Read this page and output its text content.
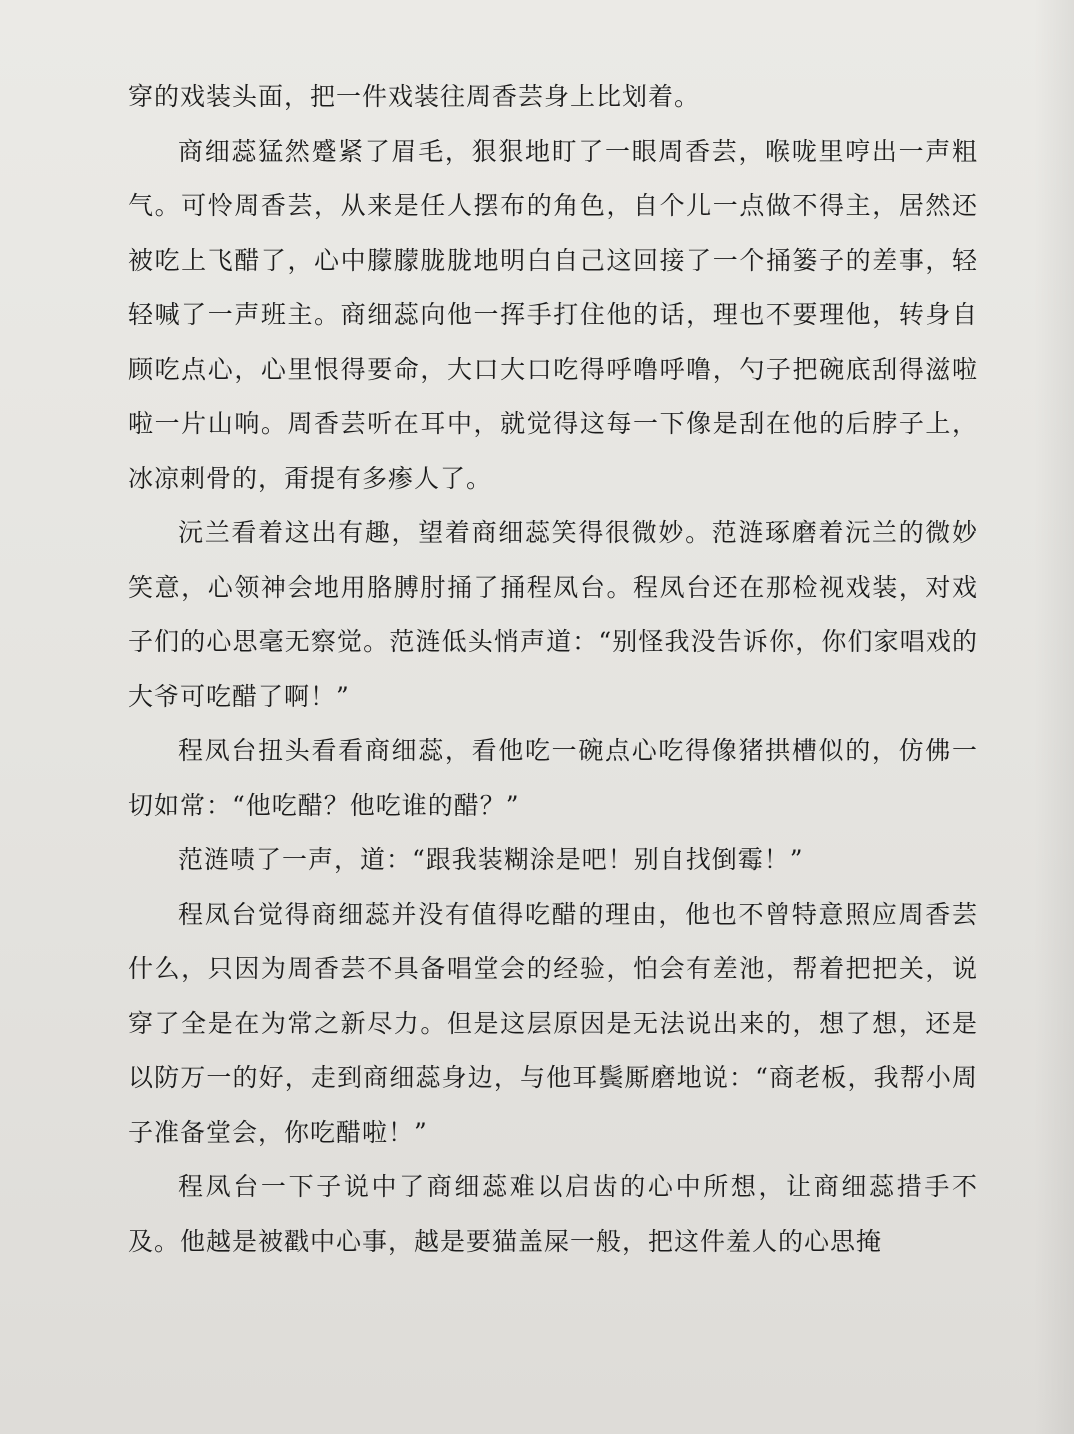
穿的戏装头面，把一件戏装往周香芸身上比划着。

商细蕊猛然蹙紧了眉毛，狠狠地盯了一眼周香芸，喉咙里哼出一声粗气。可怜周香芸，从来是任人摆布的角色，自个儿一点做不得主，居然还被吃上飞醋了，心中朦朦胧胧地明白自己这回接了一个捅篓子的差事，轻轻喊了一声班主。商细蕊向他一挥手打住他的话，理也不要理他，转身自顾吃点心，心里恨得要命，大口大口吃得呼噜呼噜，勺子把碗底刮得滋啦啦一片山响。周香芸听在耳中，就觉得这每一下像是刮在他的后脖子上，冰凉刺骨的，甭提有多瘆人了。

沅兰看着这出有趣，望着商细蕊笑得很微妙。范涟琢磨着沅兰的微妙笑意，心领神会地用胳膊肘捅了捅程凤台。程凤台还在那检视戏装，对戏子们的心思毫无察觉。范涟低头悄声道：“别怪我没告诉你，你们家唱戏的大爷可吃醋了啊！”

程凤台扭头看看商细蕊，看他吃一碗点心吃得像猪拱槽似的，仿佛一切如常：“他吃醋？他吃谁的醋？”

范涟啧了一声，道：“跟我装糊涂是吧！别自找倒霉！”

程凤台觉得商细蕊并没有值得吃醋的理由，他也不曾特意照应周香芸什么，只因为周香芸不具备唱堂会的经验，怕会有差池，帮着把把关，说穿了全是在为常之新尽力。但是这层原因是无法说出来的，想了想，还是以防万一的好，走到商细蕊身边，与他耳鬓厮磨地说：“商老板，我帮小周子准备堂会，你吃醋啦！”

程凤台一下子说中了商细蕊难以启齿的心中所想，让商细蕊措手不及。他越是被戳中心事，越是要猫盖屎一般，把这件羞人的心思掩
